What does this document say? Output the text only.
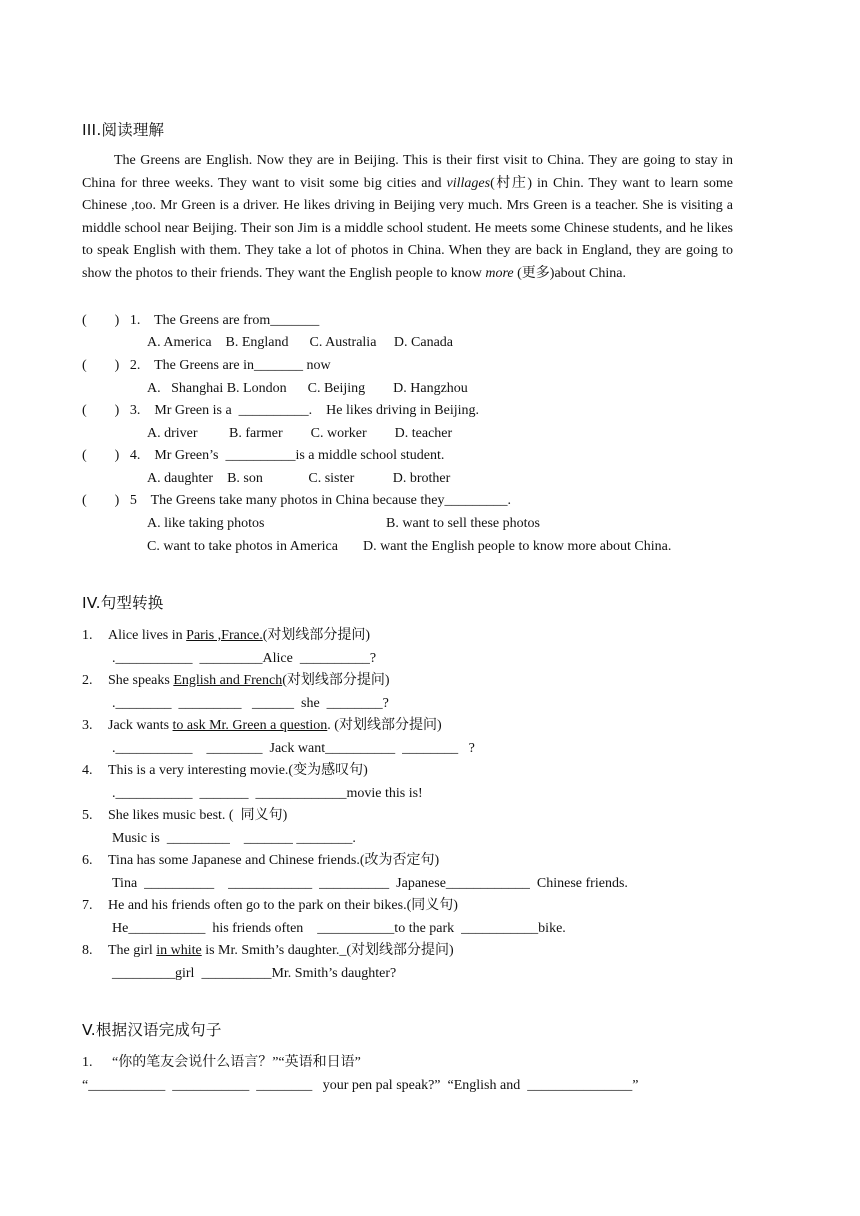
III.阅读理解

The Greens are English. Now they are in Beijing. This is their first visit to China. They are going to stay in China for three weeks. They want to visit some big cities and villages(村庄) in Chin. They want to learn some Chinese ,too. Mr Green is a driver. He likes driving in Beijing very much. Mrs Green is a teacher. She is visiting a middle school near Beijing. Their son Jim is a middle school student. He meets some Chinese students, and he likes to speak English with them. They take a lot of photos in China. When they are back in England, they are going to show the photos to their friends. They want the English people to know more (更多)about China.

(        )   1.    The Greens are from_______
A. America    B. England      C. Australia     D. Canada
(        )   2.    The Greens are in_______ now
A.   Shanghai B. London      C. Beijing        D. Hangzhou
(        )   3.    Mr Green is a  __________.    He likes driving in Beijing.
A. driver         B. farmer        C. worker        D. teacher
(        )   4.    Mr Green’s  __________is a middle school student.
A. daughter    B. son             C. sister           D. brother
(        )   5    The Greens take many photos in China because they_________.
A. like taking photos	B. want to sell these photos
C. want to take photos in America D. want the English people to know more about China.
IV.句型转换
1. Alice lives in Paris ,France.(对划线部分提问)
.___________  _________Alice  __________?
2. She speaks English and French(对划线部分提问)
.________  _________   ______  she  ________?
3. Jack wants to ask Mr. Green a question. (对划线部分提问)
.___________    ________  Jack want__________  ________   ?
4. This is a very interesting movie.(变为感叹句)
.___________  _______  _____________movie this is!
5. She likes music best. (  同义句)
Music is  _________    _______ ________.
6. Tina has some Japanese and Chinese friends.(改为否定句)
Tina  __________    ____________  __________  Japanese____________  Chinese friends.
7. He and his friends often go to the park on their bikes.(同义句)
He___________  his friends often    ___________to the park  ___________bike.
8. The girl in white is Mr. Smith’s daughter._(对划线部分提问)
_________girl  __________Mr. Smith’s daughter?
V.根据汉语完成句子
1. “你的笔友会说什么语言？”“英语和日语”
“___________  ___________  ________   your pen pal speak?”  “English and  _______________”
